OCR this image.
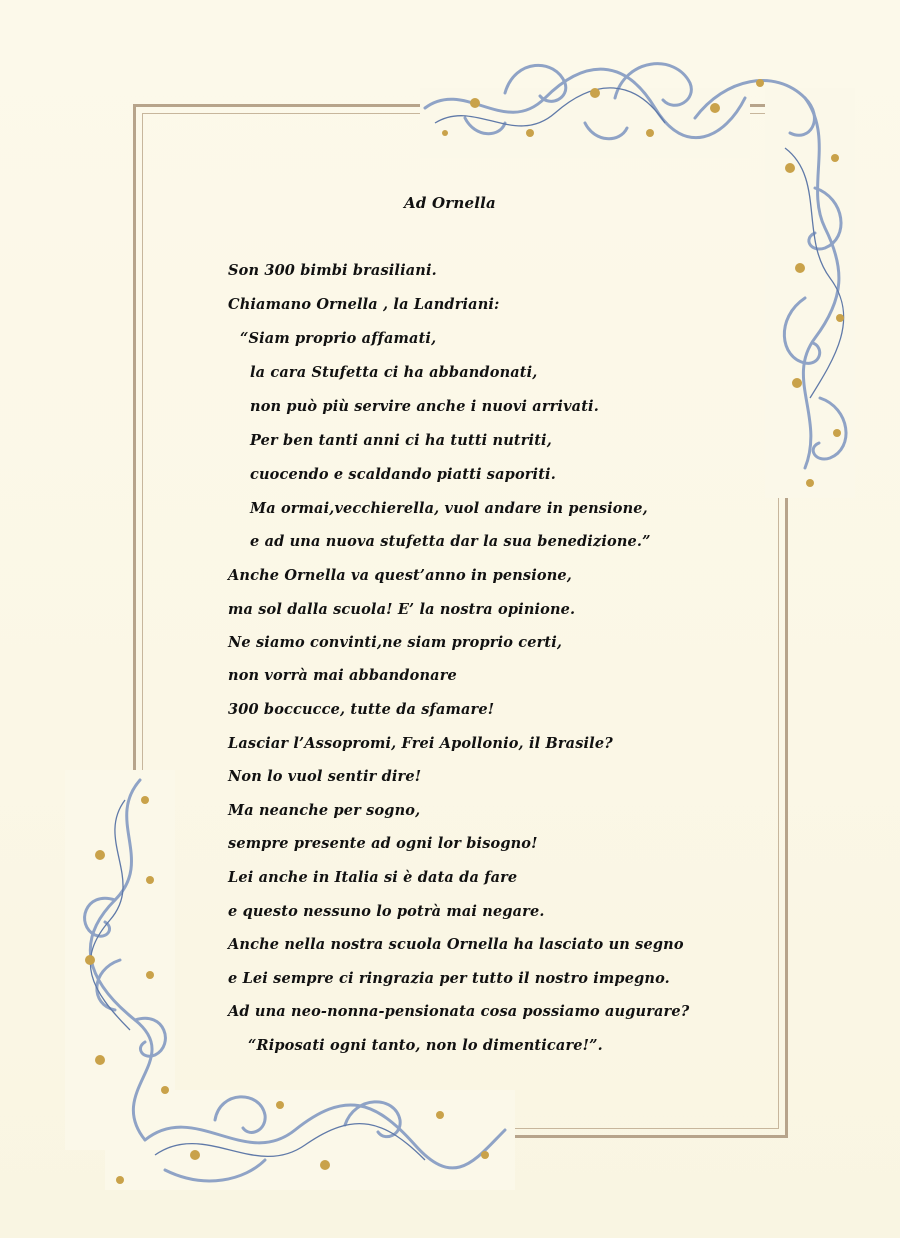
Ad Ornella
Son 300 bimbi brasiliani.
Chiamano Ornella , la Landriani:
“Siam proprio affamati,
la cara Stufetta ci ha abbandonati,
non può più servire anche i nuovi arrivati.
Per ben tanti anni ci ha tutti nutriti,
cuocendo e scaldando piatti saporiti.
Ma ormai,vecchierella, vuol andare in pensione,
e ad una nuova stufetta dar la sua benedizione.”
Anche Ornella va quest’anno in pensione,
ma sol dalla scuola! E’ la nostra opinione.
Ne siamo convinti,ne siam proprio certi,
non vorrà mai abbandonare
300 boccucce, tutte da sfamare!
Lasciar l’Assopromi, Frei Apollonio, il Brasile?
Non lo vuol sentir dire!
Ma neanche per sogno,
sempre presente ad ogni lor bisogno!
Lei anche in Italia si è data da fare
e questo nessuno lo potrà mai negare.
Anche nella nostra scuola Ornella ha lasciato un segno
e Lei sempre ci ringrazia per tutto il nostro impegno.
Ad una neo-nonna-pensionata cosa possiamo augurare?
“Riposati ogni tanto, non lo dimenticare!”.
